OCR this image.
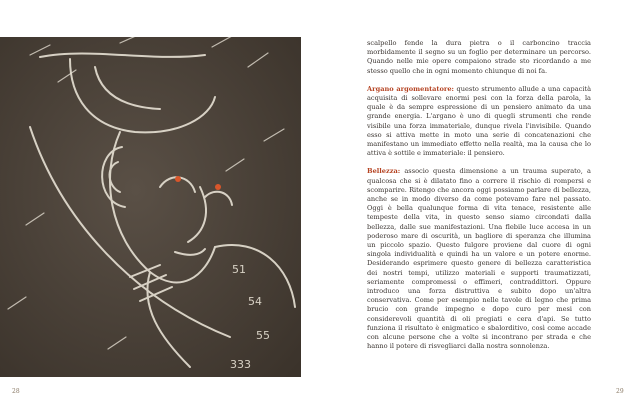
51
54
55
333
28	29

scalpello fende la dura pietra o il carboncino traccia morbidamente il segno su un foglio per determinare un percorso. Quando nelle mie opere compaiono strade sto ricordando a me stesso quello che in ogni momento chiunque di noi fa.

Argano argomentatore: questo strumento allude a una capacità acquisita di sollevare enormi pesi con la forza della parola, la quale è da sempre espressione di un pensiero animato da una grande energia. L'argano è uno di quegli strumenti che rende visibile una forza immateriale, dunque rivela l'invisibile. Quando esso si attiva mette in moto una serie di concatenazioni che manifestano un immediato effetto nella realtà, ma la causa che lo attiva è sottile e immateriale: il pensiero.

Bellezza: associo questa dimensione a un trauma superato, a qualcosa che si è dilatato fino a correre il rischio di rompersi e scomparire. Ritengo che ancora oggi possiamo parlare di bellezza, anche se in modo diverso da come potevamo fare nel passato. Oggi è bella qualunque forma di vita tenace, resistente alle tempeste della vita, in questo senso siamo circondati dalla bellezza, dalle sue manifestazioni. Una flebile luce accesa in un poderoso mare di oscurità, un bagliore di speranza che illumina un piccolo spazio. Questo fulgore proviene dal cuore di ogni singola individualità e quindi ha un valore e un potere enorme. Desiderando esprimere questo genere di bellezza caratteristica dei nostri tempi, utilizzo materiali e supporti traumatizzati, seriamente compromessi o effimeri, contraddittori. Oppure introduco una forza distruttiva e subito dopo un'altra conservativa. Come per esempio nelle tavole di legno che prima brucio con grande impegno e dopo curo per mesi con considerevoli quantità di oli pregiati e cera d'api. Se tutto funziona il risultato è enigmatico e sbalorditivo, così come accade con alcune persone che a volte si incontrano per strada e che hanno il potere di risvegliarci dalla nostra sonnolenza.
